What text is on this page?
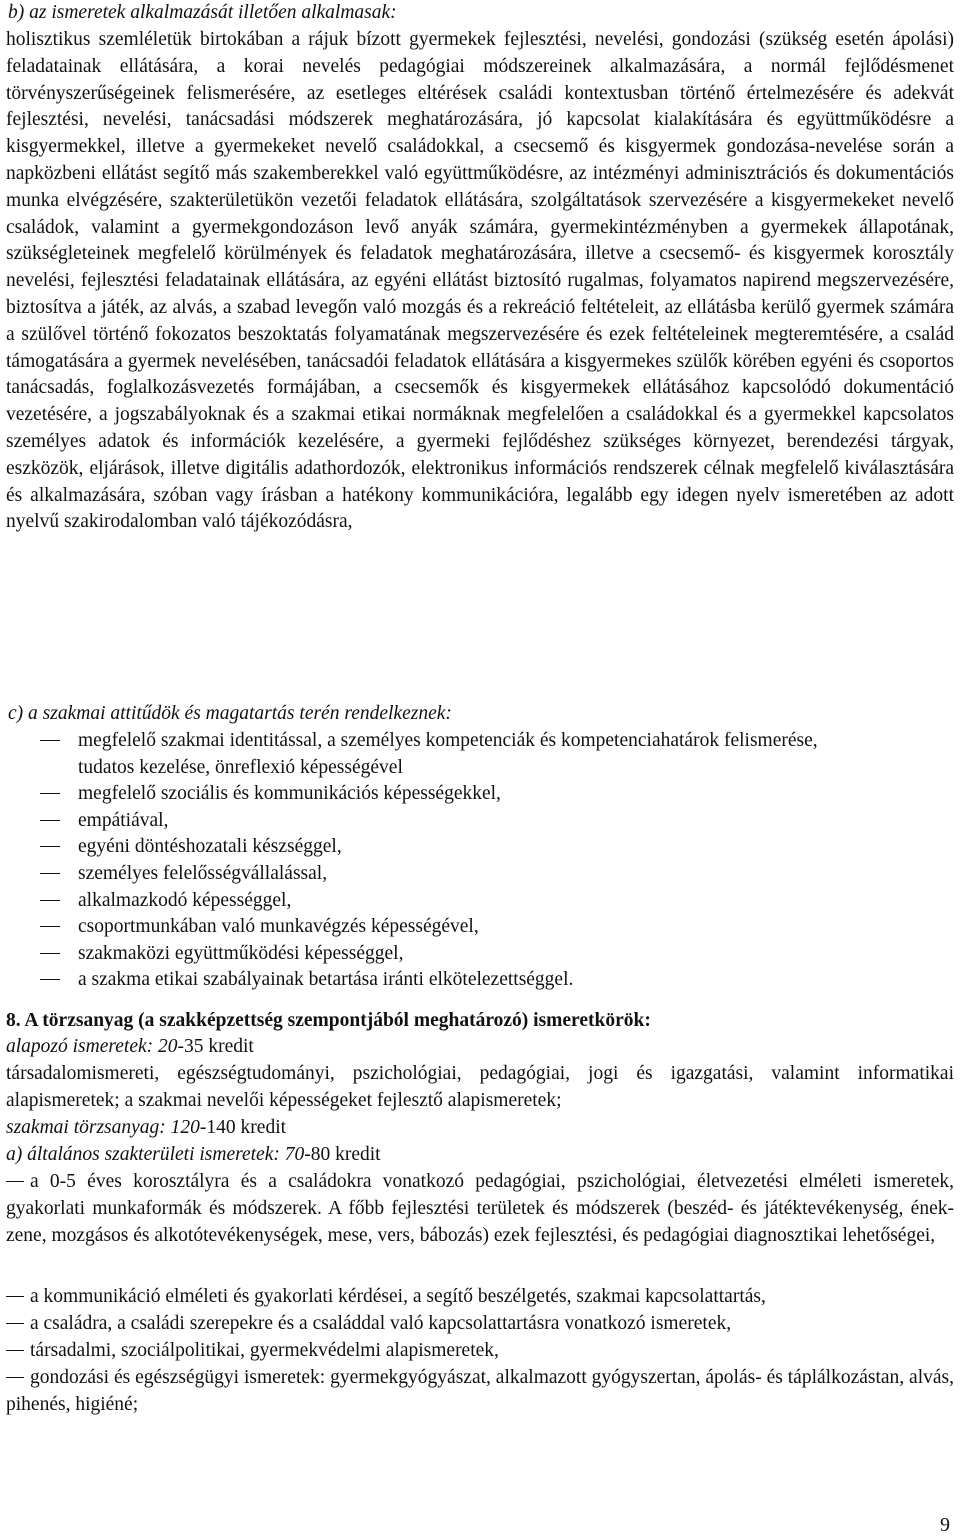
b) az ismeretek alkalmazását illetően alkalmasak:
holisztikus szemléletük birtokában a rájuk bízott gyermekek fejlesztési, nevelési, gondozási (szükség esetén ápolási) feladatainak ellátására, a korai nevelés pedagógiai módszereinek alkalmazására, a normál fejlődésmenet törvényszerűségeinek felismerésére, az esetleges eltérések családi kontextusban történő értelmezésére és adekvát fejlesztési, nevelési, tanácsadási módszerek meghatározására, jó kapcsolat kialakítására és együttműködésre a kisgyermekkel, illetve a gyermekeket nevelő családokkal, a csecsemő és kisgyermek gondozása-nevelése során a napközbeni ellátást segítő más szakemberekkel való együttműködésre, az intézményi adminisztrációs és dokumentációs munka elvégzésére, szakterületükön vezetői feladatok ellátására, szolgáltatások szervezésére a kisgyermekeket nevelő családok, valamint a gyermekgondozáson levő anyák számára, gyermekintézményben a gyermekek állapotának, szükségleteinek megfelelő körülmények és feladatok meghatározására, illetve a csecsemő- és kisgyermek korosztály nevelési, fejlesztési feladatainak ellátására, az egyéni ellátást biztosító rugalmas, folyamatos napirend megszervezésére, biztosítva a játék, az alvás, a szabad levegőn való mozgás és a rekreáció feltételeit, az ellátásba kerülő gyermek számára a szülővel történő fokozatos beszoktatás folyamatának megszervezésére és ezek feltételeinek megteremtésére, a család támogatására a gyermek nevelésében, tanácsadói feladatok ellátására a kisgyermekes szülők körében egyéni és csoportos tanácsadás, foglalkozásvezetés formájában, a csecsemők és kisgyermekek ellátásához kapcsolódó dokumentáció vezetésére, a jogszabályoknak és a szakmai etikai normáknak megfelelően a családokkal és a gyermekkel kapcsolatos személyes adatok és információk kezelésére, a gyermeki fejlődéshez szükséges környezet, berendezési tárgyak, eszközök, eljárások, illetve digitális adathordozók, elektronikus információs rendszerek célnak megfelelő kiválasztására és alkalmazására, szóban vagy írásban a hatékony kommunikációra, legalább egy idegen nyelv ismeretében az adott nyelvű szakirodalomban való tájékozódásra,
c) a szakmai attitűdök és magatartás terén rendelkeznek:
megfelelő szakmai identitással, a személyes kompetenciák és kompetenciahatárok felismerése, tudatos kezelése, önreflexió képességével
megfelelő szociális és kommunikációs képességekkel,
empátiával,
egyéni döntéshozatali készséggel,
személyes felelősségvállalással,
alkalmazkodó képességgel,
csoportmunkában való munkavégzés képességével,
szakmaközi együttműködési képességgel,
a szakma etikai szabályainak betartása iránti elkötelezettséggel.
8. A törzsanyag (a szakképzettség szempontjából meghatározó) ismeretkörök:
alapozó ismeretek: 20-35 kredit
társadalomismereti, egészségtudományi, pszichológiai, pedagógiai, jogi és igazgatási, valamint informatikai alapismeretek; a szakmai nevelői képességeket fejlesztő alapismeretek;
szakmai törzsanyag: 120-140 kredit
a) általános szakterületi ismeretek: 70-80 kredit
a 0-5 éves korosztályra és a családokra vonatkozó pedagógiai, pszichológiai, életvezetési elméleti ismeretek, gyakorlati munkaformák és módszerek. A főbb fejlesztési területek és módszerek (beszéd- és játéktevékenység, ének-zene, mozgásos és alkotótevékenységek, mese, vers, bábozás) ezek fejlesztési, és pedagógiai diagnosztikai lehetőségei,
a kommunikáció elméleti és gyakorlati kérdései, a segítő beszélgetés, szakmai kapcsolattartás,
a családra, a családi szerepekre és a családdal való kapcsolattartásra vonatkozó ismeretek,
társadalmi, szociálpolitikai, gyermekvédelmi alapismeretek,
gondozási és egészségügyi ismeretek: gyermekgyógyászat, alkalmazott gyógyszertan, ápolás- és táplálkozástan, alvás, pihenés, higiéné;
9
